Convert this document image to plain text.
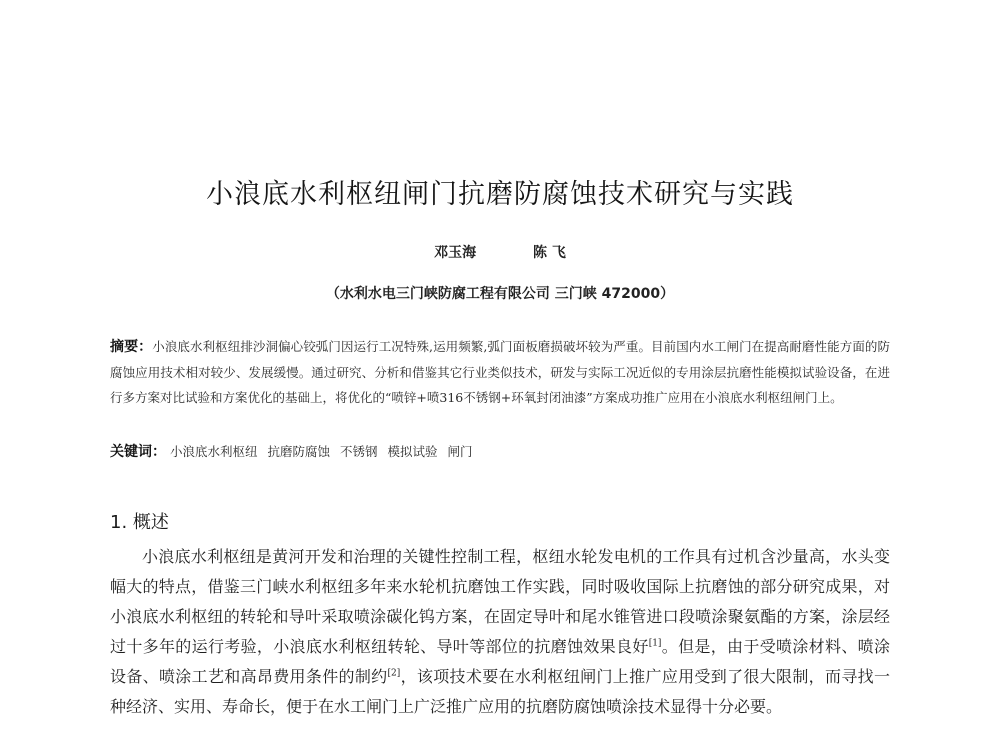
小浪底水利枢纽闸门抗磨防腐蚀技术研究与实践
邓玉海	陈 飞
（水利水电三门峡防腐工程有限公司 三门峡 472000）
摘要：小浪底水利枢纽排沙洞偏心铰弧门因运行工况特殊,运用频繁,弧门面板磨损破坏较为严重。目前国内水工闸门在提高耐磨性能方面的防腐蚀应用技术相对较少、发展缓慢。通过研究、分析和借鉴其它行业类似技术，研发与实际工况近似的专用涂层抗磨性能模拟试验设备，在进行多方案对比试验和方案优化的基础上，将优化的“喷锌+喷316不锈钢+环氧封闭油漆”方案成功推广应用在小浪底水利枢纽闸门上。
关键词： 小浪底水利枢纽 抗磨防腐蚀 不锈钢 模拟试验 闸门
1. 概述

小浪底水利枢纽是黄河开发和治理的关键性控制工程，枢纽水轮发电机的工作具有过机含沙量高，水头变幅大的特点，借鉴三门峡水利枢纽多年来水轮机抗磨蚀工作实践，同时吸收国际上抗磨蚀的部分研究成果，对小浪底水利枢纽的转轮和导叶采取喷涂碳化钨方案，在固定导叶和尾水锥管进口段喷涂聚氨酯的方案，涂层经过十多年的运行考验，小浪底水利枢纽转轮、导叶等部位的抗磨蚀效果良好[1]。但是，由于受喷涂材料、喷涂设备、喷涂工艺和高昂费用条件的制约[2]，该项技术要在水利枢纽闸门上推广应用受到了很大限制，而寻找一种经济、实用、寿命长，便于在水工闸门上广泛推广应用的抗磨防腐蚀喷涂技术显得十分必要。
